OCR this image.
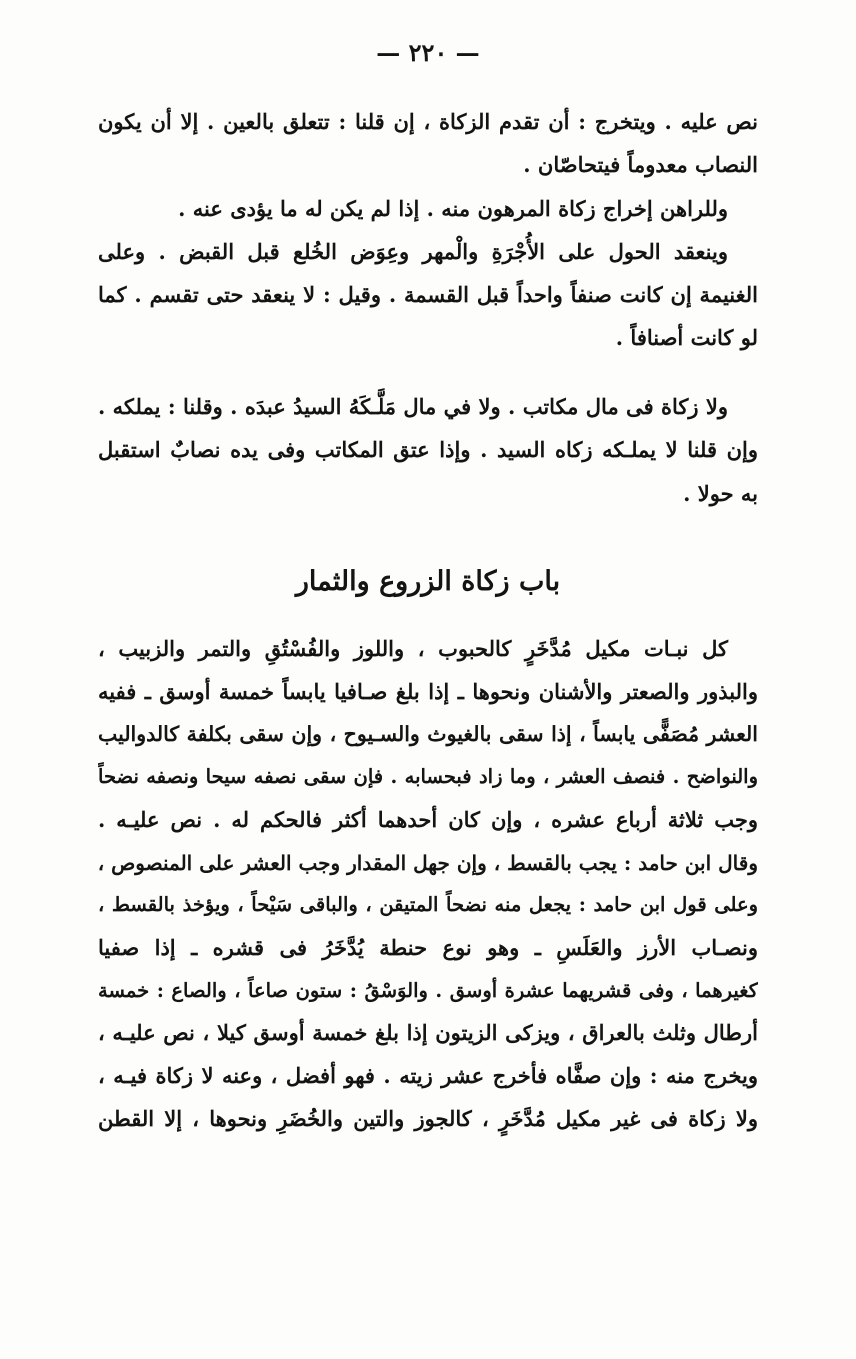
— ٢٢٠ —
نص عليه . ويتخرج : أن تقدم الزكاة ، إن قلنا : تتعلق بالعين . إلا أن يكون
النصاب معدوماً فيتحاصّان .
وللراهن إخراج زكاة المرهون منه . إذا لم يكن له ما يؤدى عنه .
وينعقد الحول على الأُجْرَةِ والْمهر وعِوَض الخُلع قبل القبض . وعلى
الغنيمة إن كانت صنفاً واحداً قبل القسمة . وقيل : لا ينعقد حتى تقسم . كما
لو كانت أصنافاً .
ولا زكاة فى مال مكاتب . ولا في مال مَلَّـكَهُ السيدُ عبدَه . وقلنا : يملكه .
وإن قلنا لا يملـكه زكاه السيد . وإذا عتق المكاتب وفى يده نصابٌ استقبل
به حولا .
باب زكاة الزروع والثمار
كل نبـات مكيل مُدَّخَرٍ كالحبوب ، واللوز والفُسْتُقِ والتمر والزبيب ،
والبذور والصعتر والأشنان ونحوها ـ إذا بلغ صـافيا يابساً خمسة أوسق ـ ففيه
العشر مُصَفًّى يابساً ، إذا سقى بالغيوث والسـيوح ، وإن سقى بكلفة كالدواليب
والنواضح . فنصف العشر ، وما زاد فبحسابه . فإن سقى نصفه سيحا ونصفه نضحاً
وجب ثلاثة أرباع عشره ، وإن كان أحدهما أكثر فالحكم له . نص عليـه .
وقال ابن حامد : يجب بالقسط ، وإن جهل المقدار وجب العشر على المنصوص ،
وعلى قول ابن حامد : يجعل منه نضحاً المتيقن ، والباقى سَيْحاً ، ويؤخذ بالقسط ،
ونصـاب الأرز والعَلَسِ ـ وهو نوع حنطة يُدَّخَرُ فى قشره ـ إذا صفيا
كغيرهما ، وفى قشريهما عشرة أوسق . والوَسْقُ : ستون صاعاً ، والصاع : خمسة
أرطال وثلث بالعراق ، ويزكى الزيتون إذا بلغ خمسة أوسق كيلا ، نص عليـه ،
ويخرج منه : وإن صفَّاه فأخرج عشر زيته . فهو أفضل ، وعنه لا زكاة فيـه ،
ولا زكاة فى غير مكيل مُدَّخَرٍ ، كالجوز والتين والخُضَرِ ونحوها ، إلا القطن
